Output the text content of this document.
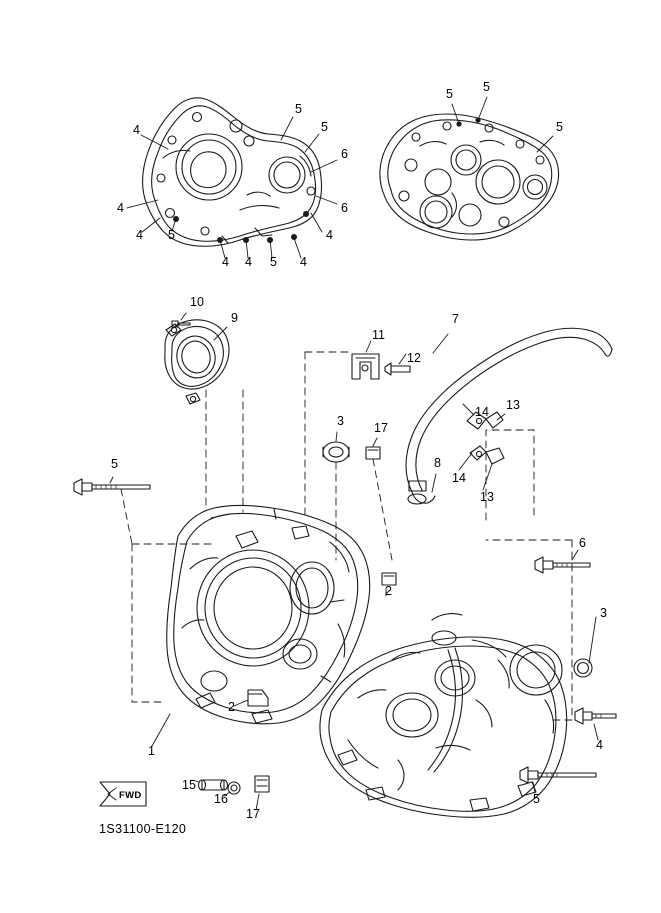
4
5
5
6
4	6
4 5	4
4 4 5 4
5 5
5
10
9
11
12
7
14 13
3 17
8
14
13
5
6
3
2
4
2
1
15
16
17
5
FWD
1S31100-E120
